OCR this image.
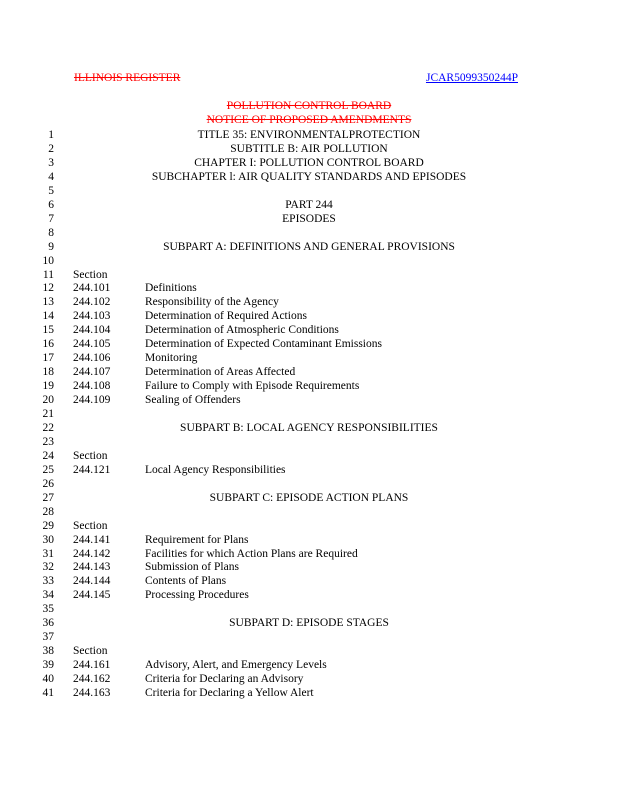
ILLINOIS REGISTER	JCAR5099350244P
POLLUTION CONTROL BOARD
NOTICE OF PROPOSED AMENDMENTS
1	TITLE 35: ENVIRONMENTALPROTECTION
2	SUBTITLE B: AIR POLLUTION
3	CHAPTER I: POLLUTION CONTROL BOARD
4	SUBCHAPTER l: AIR QUALITY STANDARDS AND EPISODES
5
6	PART 244
7	EPISODES
8
9	SUBPART A: DEFINITIONS AND GENERAL PROVISIONS
10
11 Section
12 244.101	Definitions
13 244.102	Responsibility of the Agency
14 244.103	Determination of Required Actions
15 244.104	Determination of Atmospheric Conditions
16 244.105	Determination of Expected Contaminant Emissions
17 244.106	Monitoring
18 244.107	Determination of Areas Affected
19 244.108	Failure to Comply with Episode Requirements
20 244.109	Sealing of Offenders
21
22	SUBPART B: LOCAL AGENCY RESPONSIBILITIES
23
24 Section
25 244.121	Local Agency Responsibilities
26
27	SUBPART C: EPISODE ACTION PLANS
28
29 Section
30 244.141	Requirement for Plans
31 244.142	Facilities for which Action Plans are Required
32 244.143	Submission of Plans
33 244.144	Contents of Plans
34 244.145	Processing Procedures
35
36	SUBPART D: EPISODE STAGES
37
38 Section
39 244.161	Advisory, Alert, and Emergency Levels
40 244.162	Criteria for Declaring an Advisory
41 244.163	Criteria for Declaring a Yellow Alert
